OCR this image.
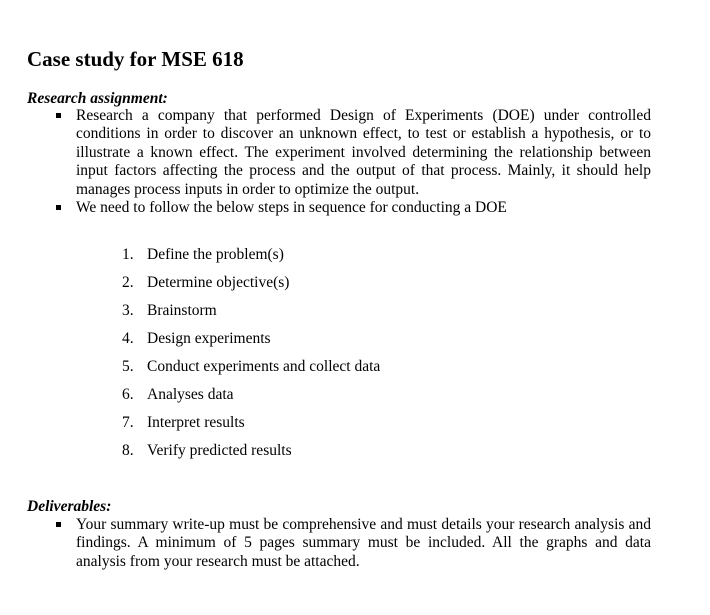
Case study for MSE 618
Research assignment:
Research a company that performed Design of Experiments (DOE) under controlled conditions in order to discover an unknown effect, to test or establish a hypothesis, or to illustrate a known effect. The experiment involved determining the relationship between input factors affecting the process and the output of that process. Mainly, it should help manages process inputs in order to optimize the output.
We need to follow the below steps in sequence for conducting a DOE
1. Define the problem(s)
2. Determine objective(s)
3. Brainstorm
4. Design experiments
5. Conduct experiments and collect data
6. Analyses data
7. Interpret results
8. Verify predicted results
Deliverables:
Your summary write-up must be comprehensive and must details your research analysis and findings. A minimum of 5 pages summary must be included. All the graphs and data analysis from your research must be attached.
